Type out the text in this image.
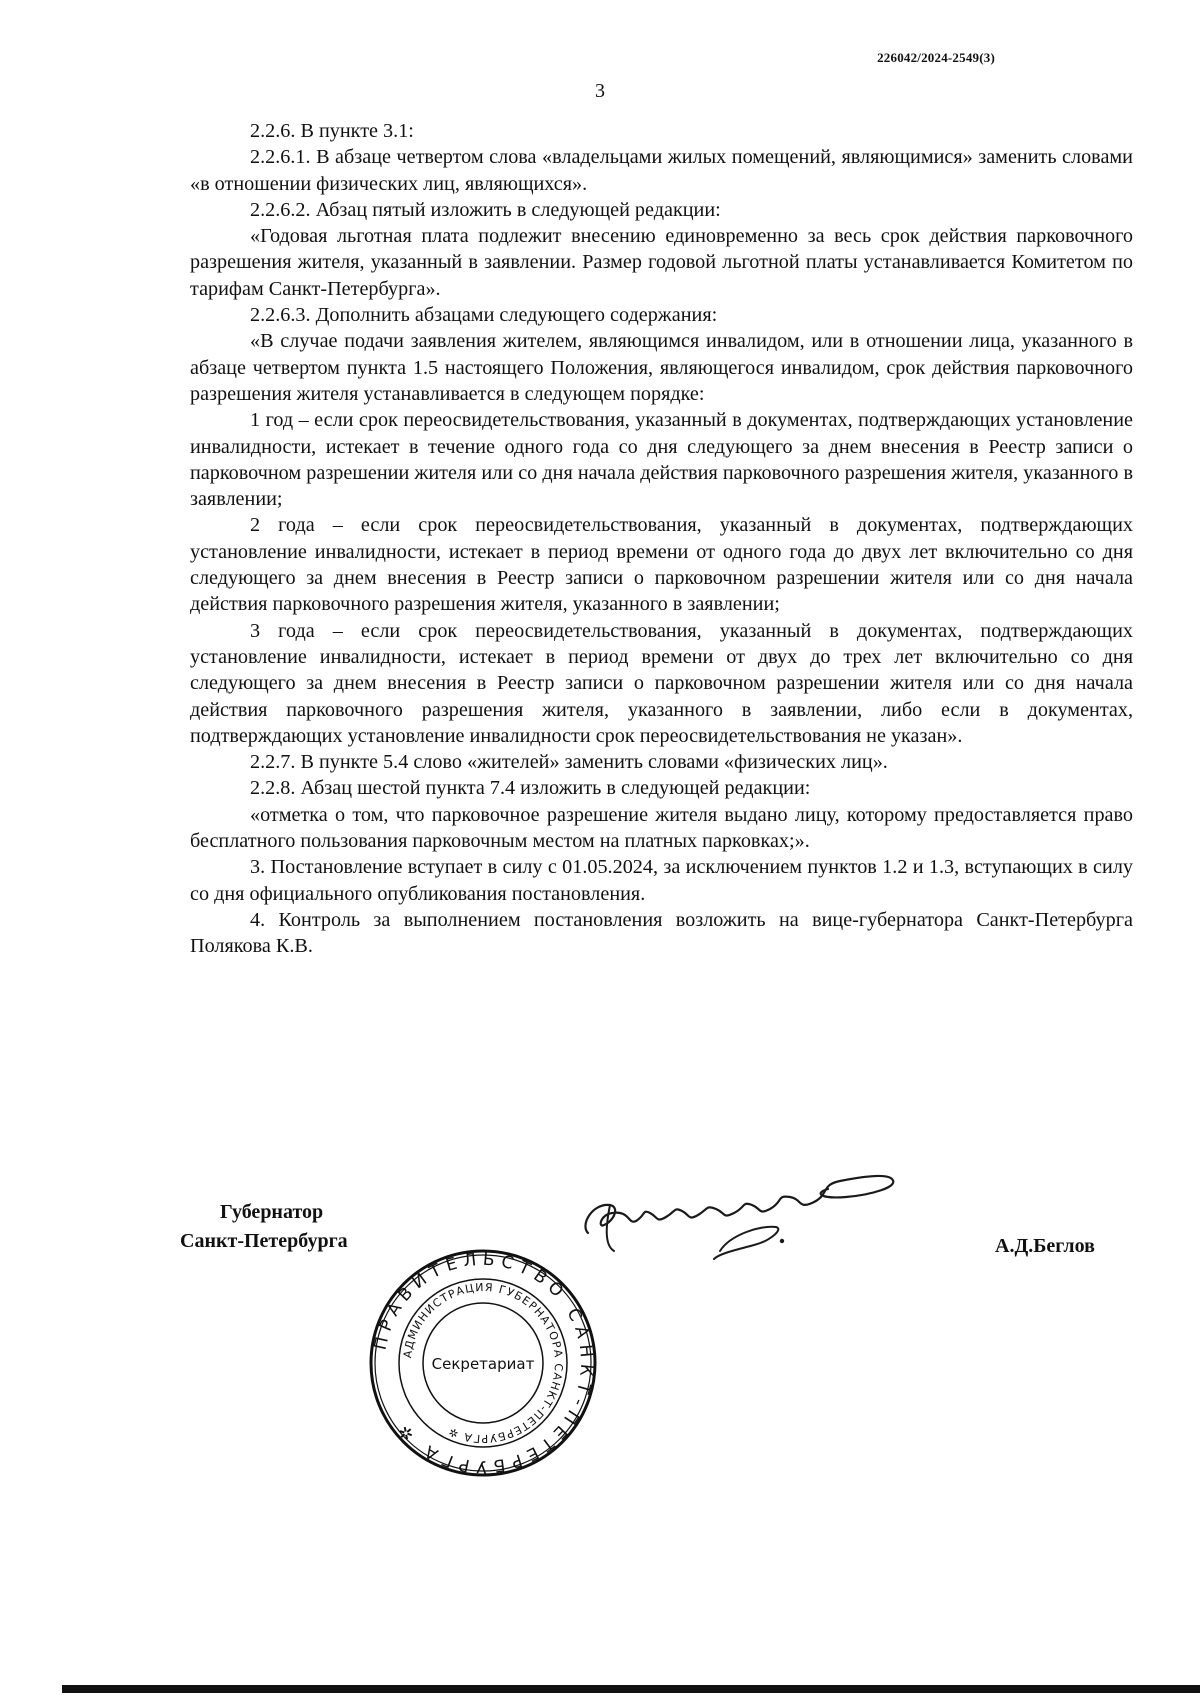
226042/2024-2549(3)
3

2.2.6. В пункте 3.1:

2.2.6.1. В абзаце четвертом слова «владельцами жилых помещений, являющимися» заменить словами «в отношении физических лиц, являющихся».

2.2.6.2. Абзац пятый изложить в следующей редакции:

«Годовая льготная плата подлежит внесению единовременно за весь срок действия парковочного разрешения жителя, указанный в заявлении. Размер годовой льготной платы устанавливается Комитетом по тарифам Санкт-Петербурга».

2.2.6.3. Дополнить абзацами следующего содержания:

«В случае подачи заявления жителем, являющимся инвалидом, или в отношении лица, указанного в абзаце четвертом пункта 1.5 настоящего Положения, являющегося инвалидом, срок действия парковочного разрешения жителя устанавливается в следующем порядке:

1 год – если срок переосвидетельствования, указанный в документах, подтверждающих установление инвалидности, истекает в течение одного года со дня следующего за днем внесения в Реестр записи о парковочном разрешении жителя или со дня начала действия парковочного разрешения жителя, указанного в заявлении;

2 года – если срок переосвидетельствования, указанный в документах, подтверждающих установление инвалидности, истекает в период времени от одного года до двух лет включительно со дня следующего за днем внесения в Реестр записи о парковочном разрешении жителя или со дня начала действия парковочного разрешения жителя, указанного в заявлении;

3 года – если срок переосвидетельствования, указанный в документах, подтверждающих установление инвалидности, истекает в период времени от двух до трех лет включительно со дня следующего за днем внесения в Реестр записи о парковочном разрешении жителя или со дня начала действия парковочного разрешения жителя, указанного в заявлении, либо если в документах, подтверждающих установление инвалидности срок переосвидетельствования не указан».

2.2.7. В пункте 5.4 слово «жителей» заменить словами «физических лиц».

2.2.8. Абзац шестой пункта 7.4 изложить в следующей редакции:

«отметка о том, что парковочное разрешение жителя выдано лицу, которому предоставляется право бесплатного пользования парковочным местом на платных парковках;».

3. Постановление вступает в силу с 01.05.2024, за исключением пунктов 1.2 и 1.3, вступающих в силу со дня официального опубликования постановления.

4. Контроль за выполнением постановления возложить на вице-губернатора Санкт-Петербурга Полякова К.В.

Губернатор
Санкт-Петербурга	А.Д.Беглов
ПРАВИТЕЛЬСТВО САНКТ-ПЕТЕРБУРГА ✲
АДМИНИСТРАЦИЯ ГУБЕРНАТОРА САНКТ-ПЕТЕРБУРГА ✲
Секретариат
